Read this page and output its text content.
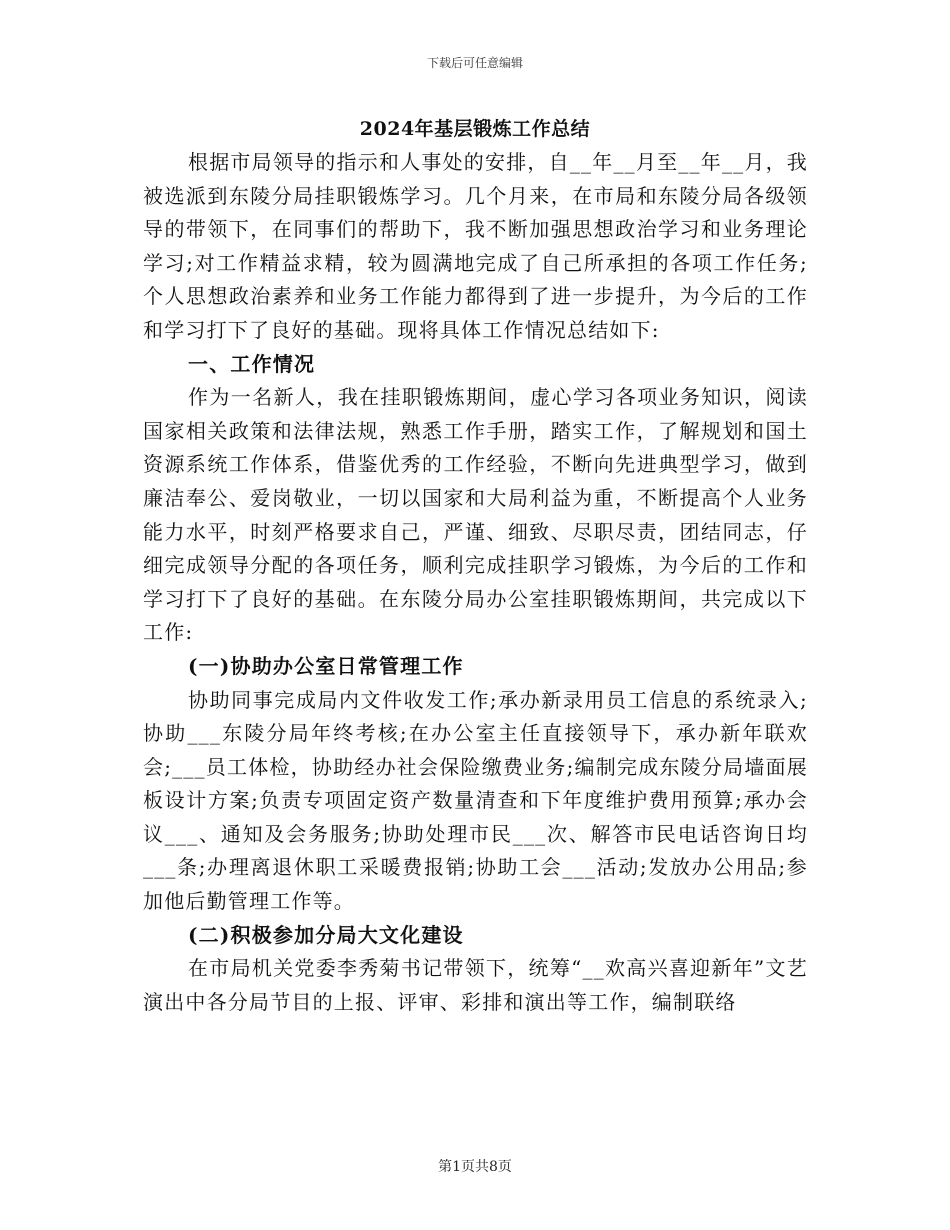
下载后可任意编辑
2024年基层锻炼工作总结

根据市局领导的指示和人事处的安排，自__年__月至__年__月，我被选派到东陵分局挂职锻炼学习。几个月来，在市局和东陵分局各级领导的带领下，在同事们的帮助下，我不断加强思想政治学习和业务理论学习;对工作精益求精，较为圆满地完成了自己所承担的各项工作任务;个人思想政治素养和业务工作能力都得到了进一步提升，为今后的工作和学习打下了良好的基础。现将具体工作情况总结如下:

一、工作情况

作为一名新人，我在挂职锻炼期间，虚心学习各项业务知识，阅读国家相关政策和法律法规，熟悉工作手册，踏实工作，了解规划和国土资源系统工作体系，借鉴优秀的工作经验，不断向先进典型学习，做到廉洁奉公、爱岗敬业，一切以国家和大局利益为重，不断提高个人业务能力水平，时刻严格要求自己，严谨、细致、尽职尽责，团结同志，仔细完成领导分配的各项任务，顺利完成挂职学习锻炼，为今后的工作和学习打下了良好的基础。在东陵分局办公室挂职锻炼期间，共完成以下工作:

(一)协助办公室日常管理工作

协助同事完成局内文件收发工作;承办新录用员工信息的系统录入;协助___东陵分局年终考核;在办公室主任直接领导下，承办新年联欢会;___员工体检，协助经办社会保险缴费业务;编制完成东陵分局墙面展板设计方案;负责专项固定资产数量清查和下年度维护费用预算;承办会议___、通知及会务服务;协助处理市民___次、解答市民电话咨询日均___条;办理离退休职工采暖费报销;协助工会___活动;发放办公用品;参加他后勤管理工作等。

(二)积极参加分局大文化建设

在市局机关党委李秀菊书记带领下，统筹“__欢高兴喜迎新年”文艺演出中各分局节目的上报、评审、彩排和演出等工作，编制联络

第1页共8页
